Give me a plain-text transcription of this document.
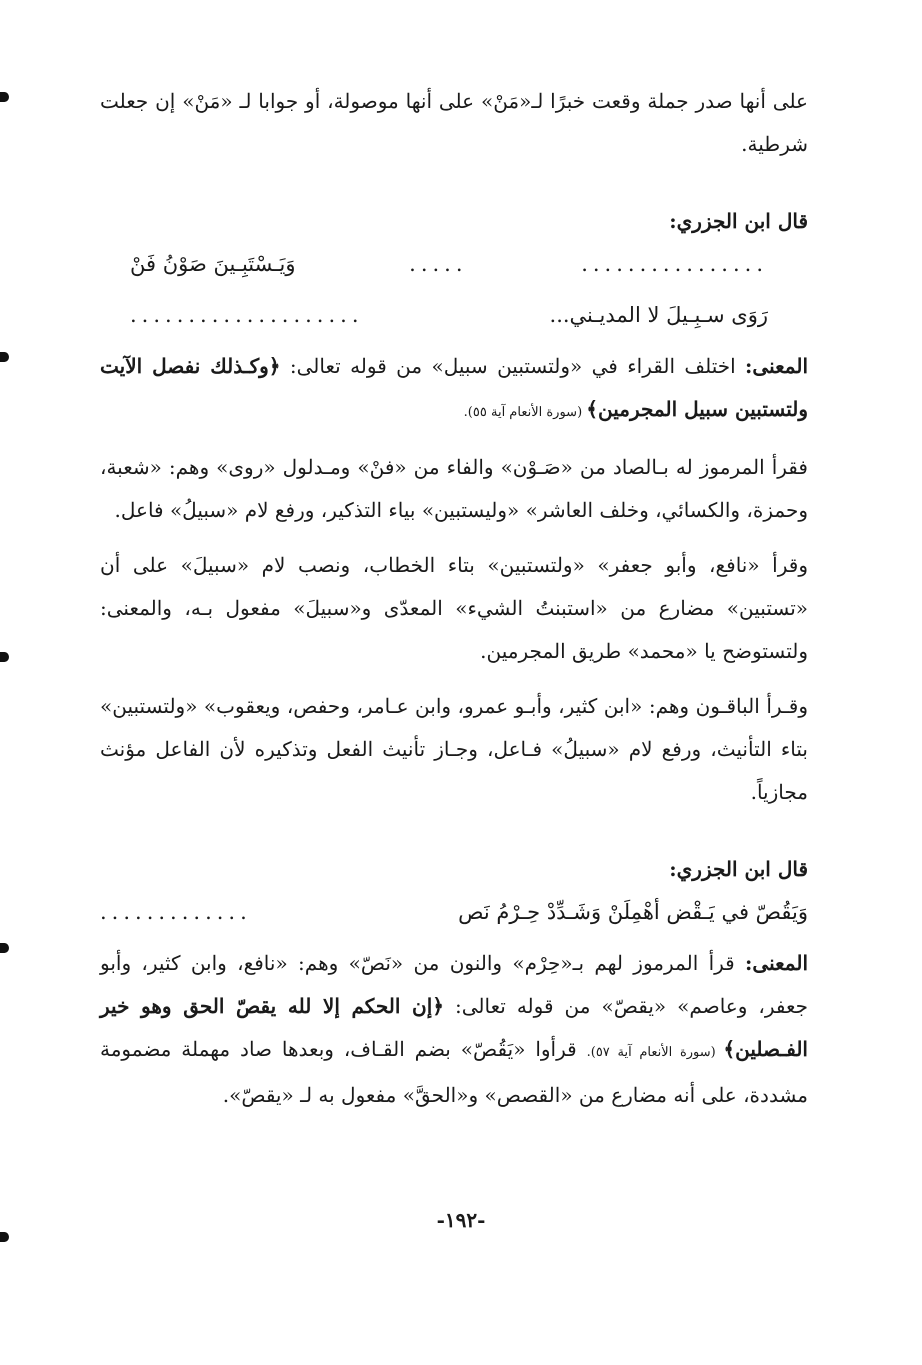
على أنها صدر جملة وقعت خبرًا لـ«مَنْ» على أنها موصولة، أو جوابا لـ «مَنْ» إن جعلت شرطية.

قال ابن الجزري:

................
.....
وَيَـسْتَبِـينَ صَوْنُ فَنْ
رَوَى سـبِـيلَ لا المديـني...
....................

المعنى: اختلف القراء في «ولتستبين سبيل» من قوله تعالى: ﴿وكـذلك نفصل الآيت ولتستبين سبيل المجرمين﴾ (سورة الأنعام آية ٥٥).

فقرأ المرموز له بـالصاد من «صَـوْن» والفاء من «فنْ» ومـدلول «روى» وهم: «شعبة، وحمزة، والكسائي، وخلف العاشر» «وليستبين» بياء التذكير، ورفع لام «سبيلُ» فاعل.

وقرأ «نافع، وأبو جعفر» «ولتستبين» بتاء الخطاب، ونصب لام «سبيلَ» على أن «تستبين» مضارع من «استبنتُ الشيء» المعدّى و«سبيلَ» مفعول بـه، والمعنى: ولتستوضح يا «محمد» طريق المجرمين.

وقـرأ الباقـون وهم: «ابن كثير، وأبـو عمرو، وابن عـامر، وحفص، ويعقوب» «ولتستبين» بتاء التأنيث، ورفع لام «سبيلُ» فـاعل، وجـاز تأنيث الفعل وتذكيره لأن الفاعل مؤنث مجازياً.

قال ابن الجزري:

وَيَقُصّ في يَـقْض أهْمِلَنْ وَشَـدِّدْ حِـرْمُ نَص
.............

المعنى: قرأ المرموز لهم بـ«حِرْم» والنون من «نَصّ» وهم: «نافع، وابن كثير، وأبو جعفر، وعاصم» «يقصّ» من قوله تعالى: ﴿إن الحكم إلا لله يقصّ الحق وهو خير الفـصلين﴾ (سورة الأنعام آية ٥٧). قرأوا «يَقُصّ» بضم القـاف، وبعدها صاد مهملة مضمومة مشددة، على أنه مضارع من «القصص» و«الحقَّ» مفعول به لـ «يقصّ».

-١٩٢-
